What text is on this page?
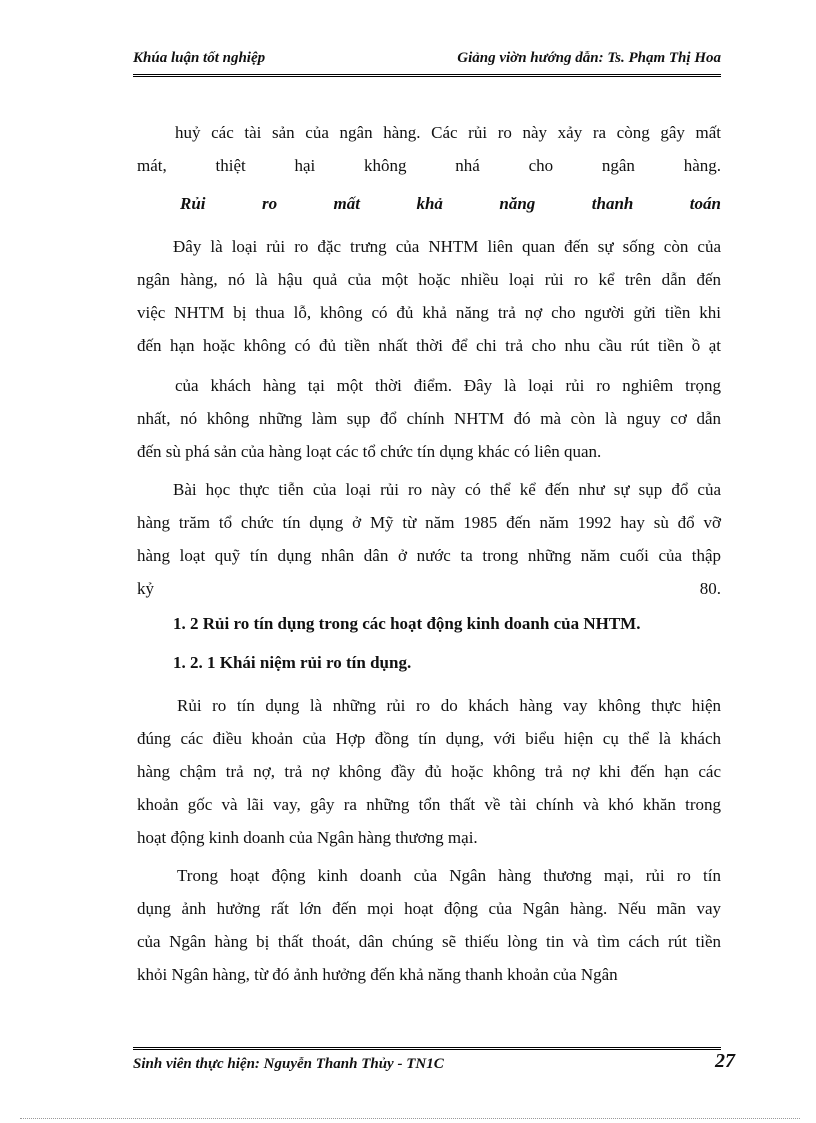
Khúa luận tốt nghiệp	Giảng viờn hướng dẫn: Ts. Phạm Thị Hoa
huỷ các tài sản của ngân hàng. Các rủi ro này xảy ra còng gây mất
mát, thiệt hại không nhá cho ngân hàng.
Rủi ro mất khả năng thanh toán
Đây là loại rủi ro đặc trưng của NHTM liên quan đến sự sống còn của
ngân hàng, nó là hậu quả của một hoặc nhiều loại rủi ro kể trên dẫn đến
việc NHTM bị thua lỗ, không có đủ khả năng trả nợ cho người gửi tiền khi
đến hạn hoặc không có đủ tiền nhất thời để chi trả cho nhu cầu rút tiền ồ ạt
của khách hàng tại một thời điểm. Đây là loại rủi ro nghiêm trọng
nhất, nó không những làm sụp đổ chính NHTM đó mà còn là nguy cơ dẫn
đến sù phá sản của hàng loạt các tổ chức tín dụng khác có liên quan.
Bài học thực tiễn của loại rủi ro này có thể kể đến như sự sụp đổ của
hàng trăm tổ chức tín dụng ở Mỹ từ năm 1985 đến năm 1992 hay sù đổ vỡ
hàng loạt quỹ tín dụng nhân dân ở nước ta trong những năm cuối của thập
kỷ 80.
1. 2 Rủi ro tín dụng trong các hoạt động kinh doanh của NHTM.
1. 2. 1 Khái niệm rủi ro tín dụng.
Rủi ro tín dụng là những rủi ro do khách hàng vay không thực hiện
đúng các điều khoản của Hợp đồng tín dụng, với biểu hiện cụ thể là khách
hàng chậm trả nợ, trả nợ không đầy đủ hoặc không trả nợ khi đến hạn các
khoản gốc và lãi vay, gây ra những tổn thất về tài chính và khó khăn trong
hoạt động kinh doanh của Ngân hàng thương mại.
Trong hoạt động kinh doanh của Ngân hàng thương mại, rủi ro tín
dụng ảnh hưởng rất lớn đến mọi hoạt động của Ngân hàng. Nếu mãn vay
của Ngân hàng bị thất thoát, dân chúng sẽ thiếu lòng tin và tìm cách rút tiền
khỏi Ngân hàng, từ đó ảnh hưởng đến khả năng thanh khoản của Ngân
Sinh viên thực hiện: Nguyễn Thanh Thủy - TN1C	27
